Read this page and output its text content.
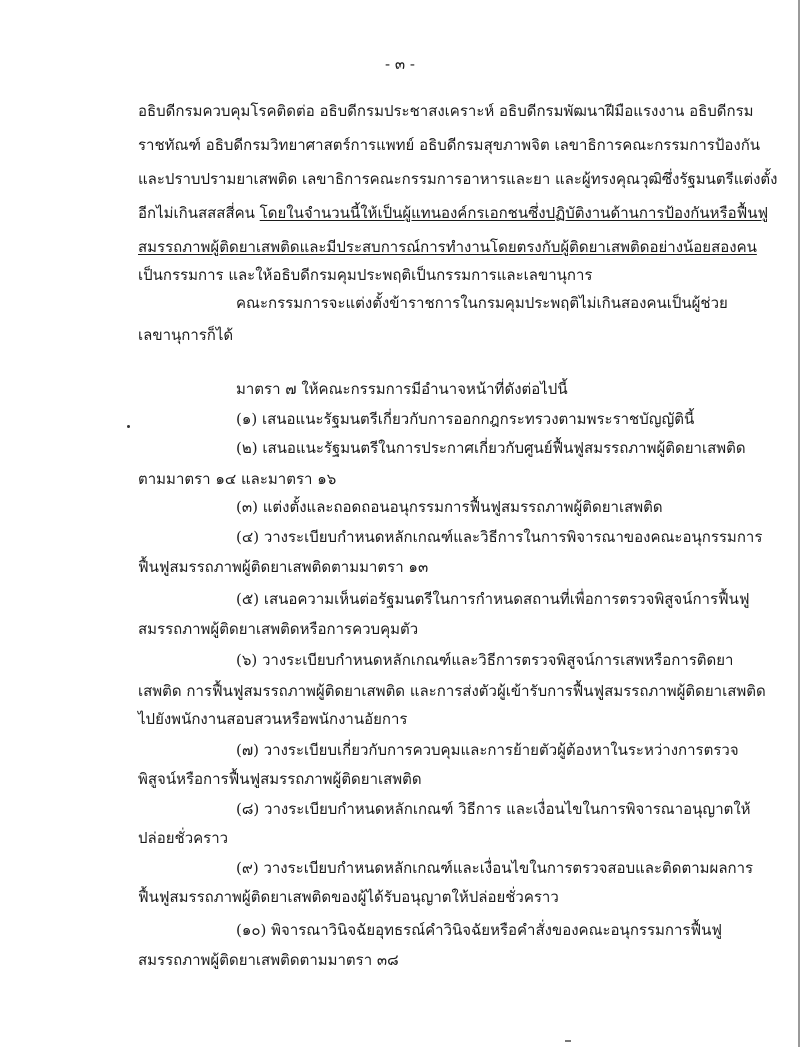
- ๓ -
อธิบดีกรมควบคุมโรคติดต่อ อธิบดีกรมประชาสงเคราะห์ อธิบดีกรมพัฒนาฝีมือแรงงาน อธิบดีกรม
ราชทัณฑ์ อธิบดีกรมวิทยาศาสตร์การแพทย์ อธิบดีกรมสุขภาพจิต เลขาธิการคณะกรรมการป้องกัน
และปราบปรามยาเสพติด เลขาธิการคณะกรรมการอาหารและยา และผู้ทรงคุณวุฒิซึ่งรัฐมนตรีแต่งตั้ง
อีกไม่เกินสสสสี่คน โดยในจำนวนนี้ให้เป็นผู้แทนองค์กรเอกชนซึ่งปฏิบัติงานด้านการป้องกันหรือฟื้นฟู
สมรรถภาพผู้ติดยาเสพติดและมีประสบการณ์การทำงานโดยตรงกับผู้ติดยาเสพติดอย่างน้อยสองคน
เป็นกรรมการ และให้อธิบดีกรมคุมประพฤติเป็นกรรมการและเลขานุการ
คณะกรรมการจะแต่งตั้งข้าราชการในกรมคุมประพฤติไม่เกินสองคนเป็นผู้ช่วย
เลขานุการก็ได้
มาตรา ๗ ให้คณะกรรมการมีอำนาจหน้าที่ดังต่อไปนี้
(๑) เสนอแนะรัฐมนตรีเกี่ยวกับการออกกฎกระทรวงตามพระราชบัญญัตินี้
(๒) เสนอแนะรัฐมนตรีในการประกาศเกี่ยวกับศูนย์ฟื้นฟูสมรรถภาพผู้ติดยาเสพติด
ตามมาตรา ๑๔ และมาตรา ๑๖
(๓) แต่งตั้งและถอดถอนอนุกรรมการฟื้นฟูสมรรถภาพผู้ติดยาเสพติด
(๔) วางระเบียบกำหนดหลักเกณฑ์และวิธีการในการพิจารณาของคณะอนุกรรมการ
ฟื้นฟูสมรรถภาพผู้ติดยาเสพติดตามมาตรา ๑๓
(๕) เสนอความเห็นต่อรัฐมนตรีในการกำหนดสถานที่เพื่อการตรวจพิสูจน์การฟื้นฟู
สมรรถภาพผู้ติดยาเสพติดหรือการควบคุมตัว
(๖) วางระเบียบกำหนดหลักเกณฑ์และวิธีการตรวจพิสูจน์การเสพหรือการติดยา
เสพติด การฟื้นฟูสมรรถภาพผู้ติดยาเสพติด และการส่งตัวผู้เข้ารับการฟื้นฟูสมรรถภาพผู้ติดยาเสพติด
ไปยังพนักงานสอบสวนหรือพนักงานอัยการ
(๗) วางระเบียบเกี่ยวกับการควบคุมและการย้ายตัวผู้ต้องหาในระหว่างการตรวจ
พิสูจน์หรือการฟื้นฟูสมรรถภาพผู้ติดยาเสพติด
(๘) วางระเบียบกำหนดหลักเกณฑ์ วิธีการ และเงื่อนไขในการพิจารณาอนุญาตให้
ปล่อยชั่วคราว
(๙) วางระเบียบกำหนดหลักเกณฑ์และเงื่อนไขในการตรวจสอบและติดตามผลการ
ฟื้นฟูสมรรถภาพผู้ติดยาเสพติดของผู้ได้รับอนุญาตให้ปล่อยชั่วคราว
(๑๐) พิจารณาวินิจฉัยอุทธรณ์คำวินิจฉัยหรือคำสั่งของคณะอนุกรรมการฟื้นฟู
สมรรถภาพผู้ติดยาเสพติดตามมาตรา ๓๘
